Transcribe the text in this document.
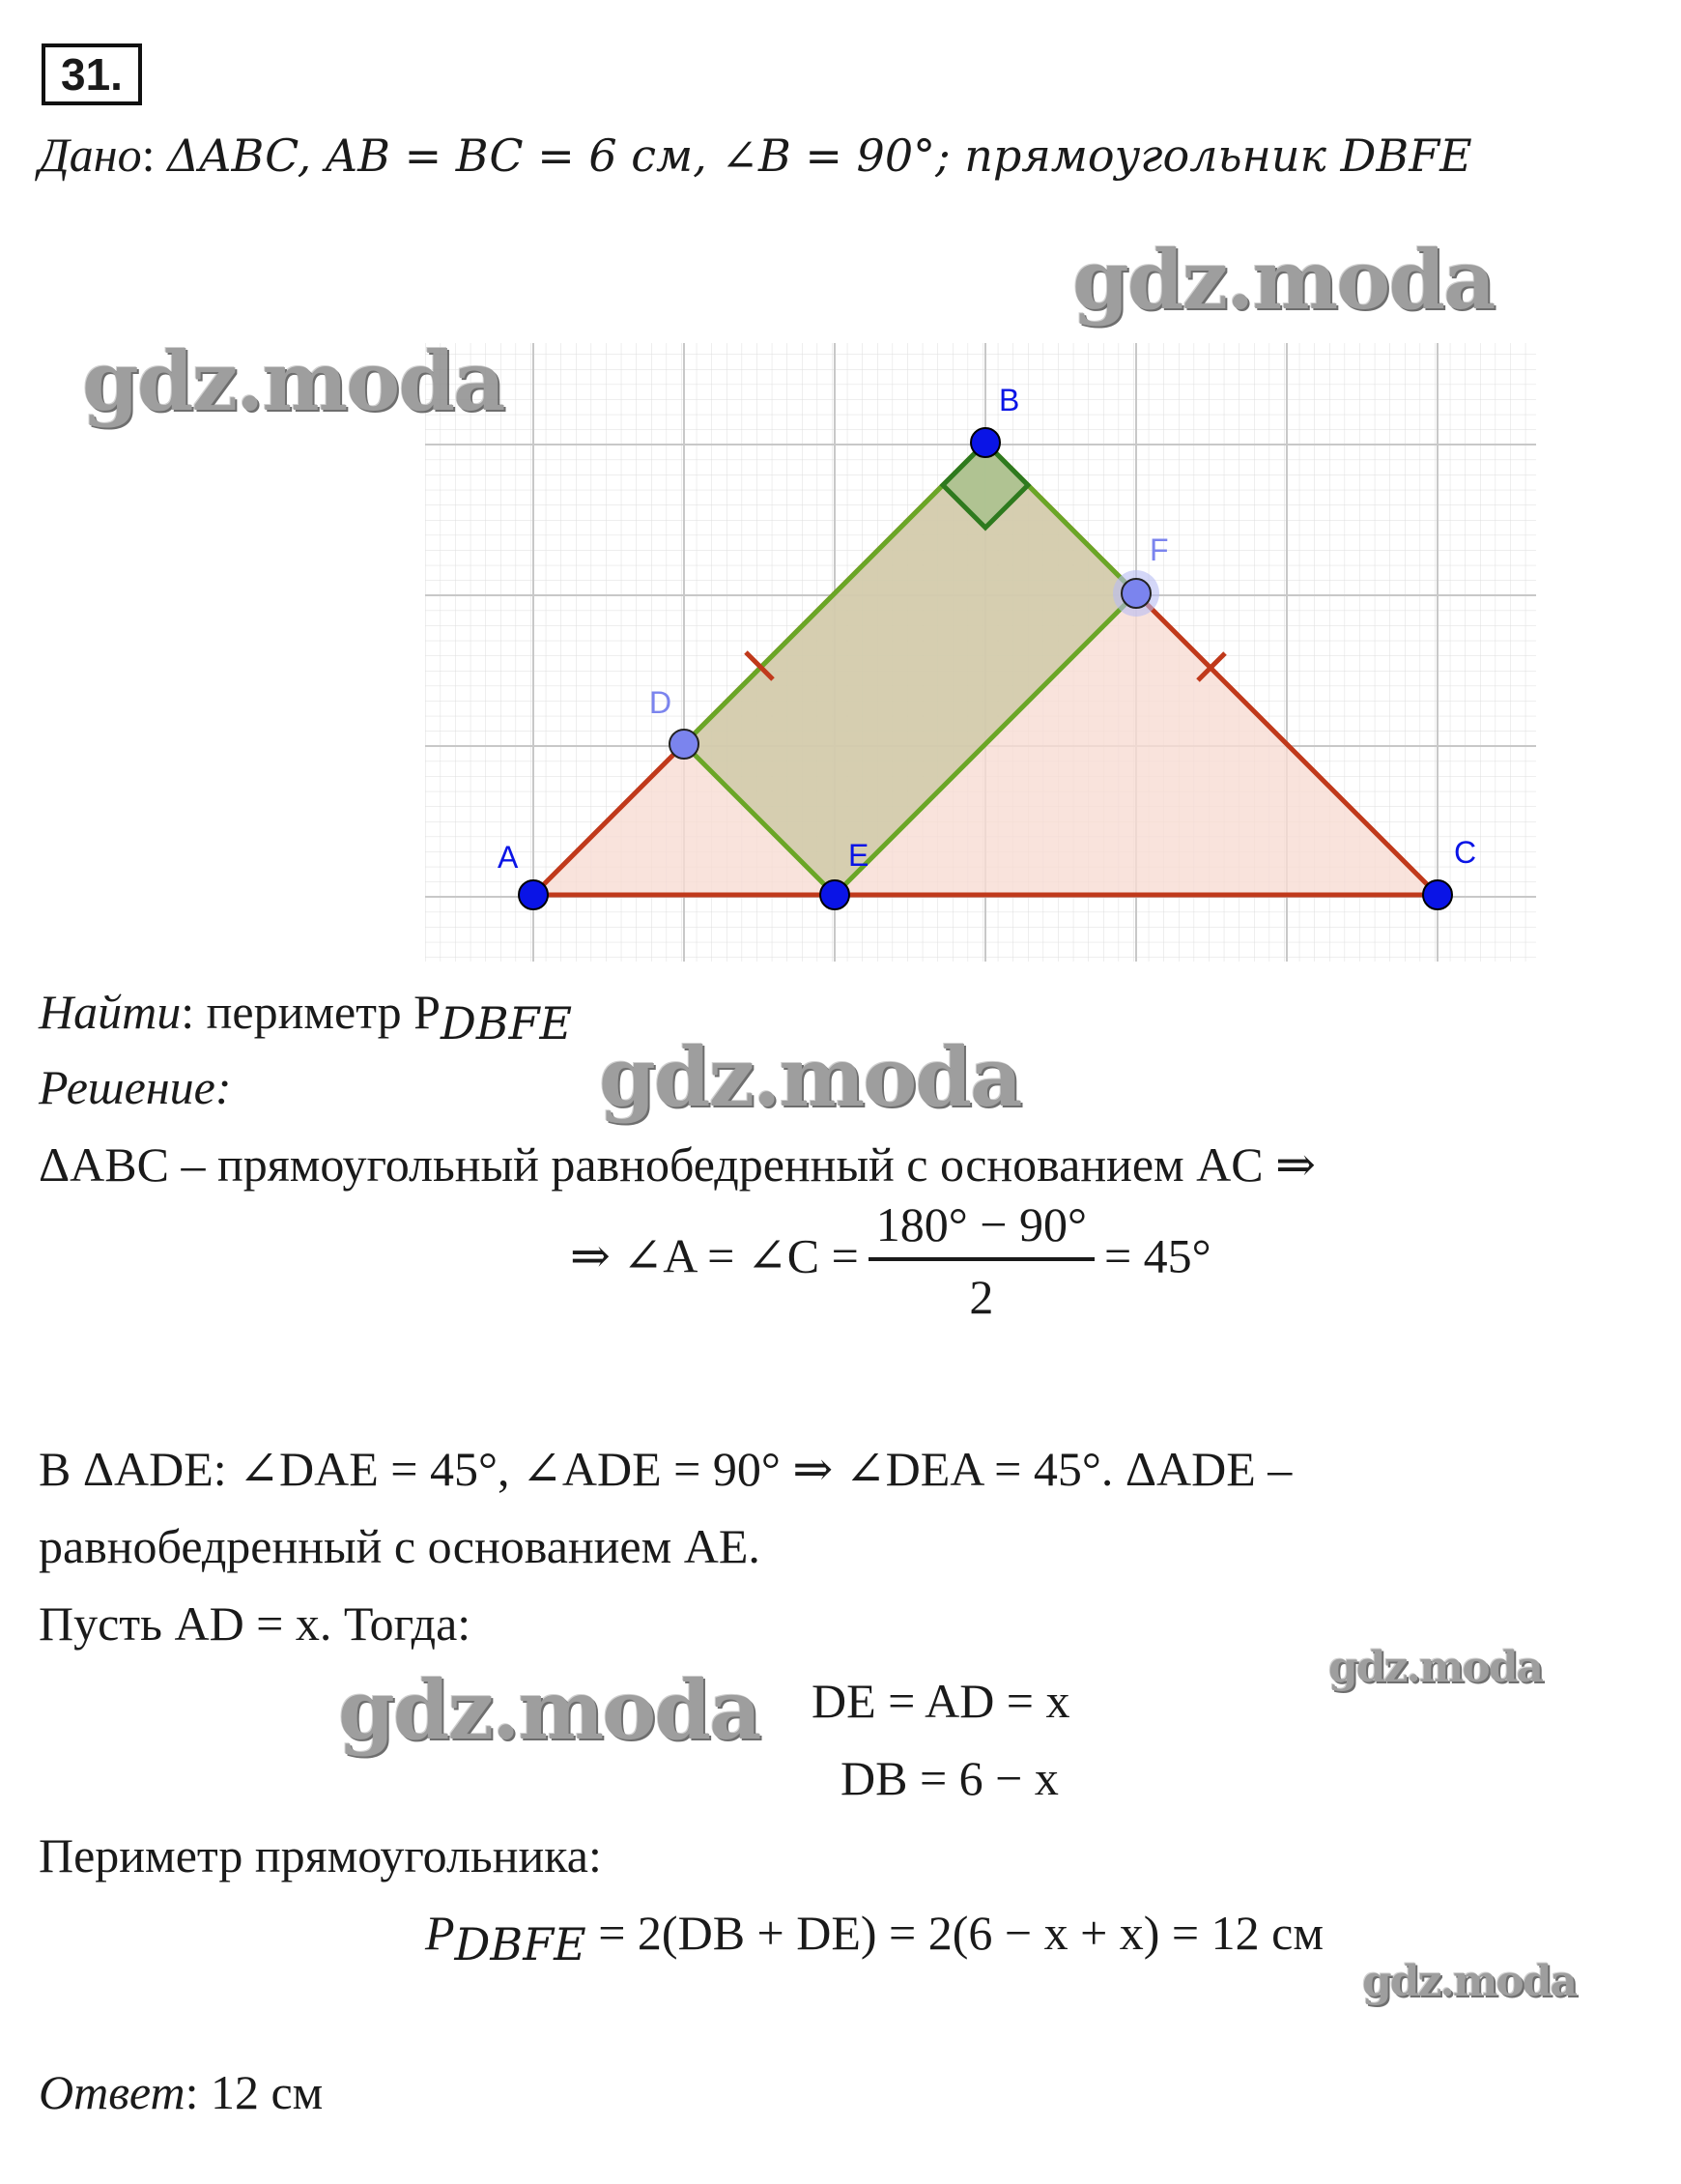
31.
Дано: ΔABC, AB = BC = 6 см, ∠B = 90°; прямоугольник DBFE
A
B
C
D
E
F
Найти: периметр $P_{DBFE}$
Решение:
ΔABC – прямоугольный равнобедренный с основанием AC ⇒
⇒ ∠A = ∠C = $\frac{180^\circ - 90^\circ}{2} = 45^\circ$
В ΔADE: ∠DAE = 45°, ∠ADE = 90° ⇒ ∠DEA = 45°. ΔADE –
равнобедренный с основанием AE.
Пусть AD = x. Тогда:
DE = AD = x
DB = 6 − x
Периметр прямоугольника:
$P_{DBFE} = 2(DB + DE) = 2(6 - x + x) = 12$ см
Ответ: 12 см
gdz.moda
gdz.moda
gdz.moda
gdz.moda
gdz.moda
gdz.moda
